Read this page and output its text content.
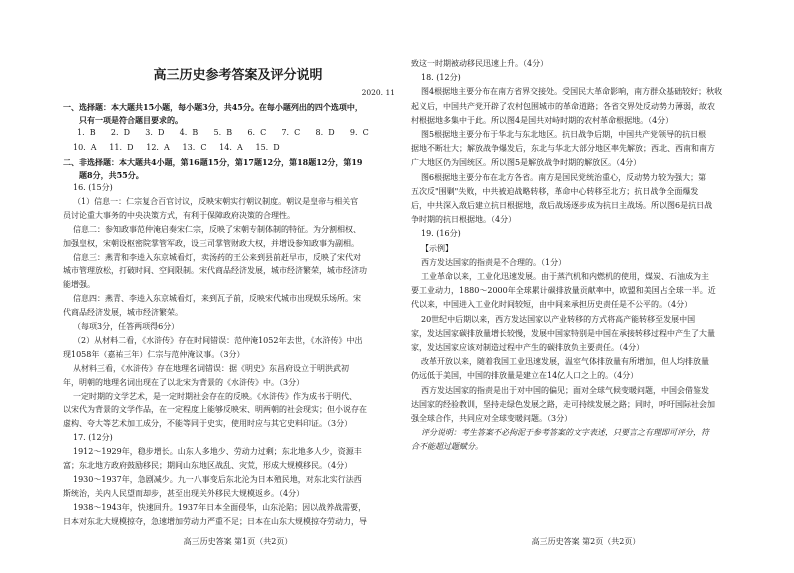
高三历史参考答案及评分说明
2020. 11
一、选择题：本大题共15小题，每小题3分，共45分。在每小题列出的四个选项中，
只有一项是符合题目要求的。
1.  B      2.  D      3.  D      4.  B      5.  B      6.  C      7.  C      8.  D      9.  C
10.  A     11.  D     12.  A     13.  C     14.  A     15.  D
二、非选择题：本大题共4小题，第16题15分，第17题12分，第18题12分，第19
题8分，共55分。
16. (15分)
（1）信息一：仁宗复合百官讨议，反映宋朝实行朝议制度。朝议是皇帝与相关官
员讨论重大事务的中央决策方式，有利于保障政府决策的合理性。
信息二：参知政事范仲淹启奏宋仁宗，反映了宋朝专制体制的特征。为分割相权、
加强皇权，宋朝设枢密院掌管军政，设三司掌管财政大权，并增设参知政事为副相。
信息三：燕青和李逵入东京城看灯，卖汤药的王公来到县前赶早市，反映了宋代对
城市管理放松，打破时间、空间限制。宋代商品经济发展，城市经济繁荣，城市经济功
能增强。
信息四：燕青、李逵入东京城看灯，来到瓦子前，反映宋代城市出现娱乐场所。宋
代商品经济发展，城市经济繁荣。
（每项3分，任答两项得6分）
（2）从材料二看，《水浒传》存在时间错误：范仲淹1052年去世，《水浒传》中出
现1058年（嘉祐三年）仁宗与范仲淹议事。（3分）
从材料三看，《水浒传》存在地理名词错误：据《明史》东昌府设立于明洪武初
年，明朝的地理名词出现在了以北宋为背景的《水浒传》中。（3分）
一定时期的文学艺术，是一定时期社会存在的反映。《水浒传》作为成书于明代、
以宋代为背景的文学作品，在一定程度上能够反映宋、明两朝的社会现实；但小说存在
虚构、夸大等艺术加工成分，不能等同于史实，使用时应与其它史料印证。（3分）
17. (12分)
1912～1929年，稳步增长。山东人多地少、劳动力过剩；东北地多人少，资源丰
富；东北地方政府鼓励移民；期间山东地区战乱、灾荒，形成大规模移民。（4分）
1930～1937年，急剧减少。九一八事变后东北沦为日本殖民地，对东北实行法西
斯统治，关内人民望而却步，甚至出现关外移民大规模返乡。（4分）
1938～1943年，快速回升。1937年日本全面侵华，山东沦陷；因以战养战需要，
日本对东北大规模掠夺，急速增加劳动力严重不足；日本在山东大规模掠夺劳动力，导
高三历史答案 第1页（共2页）
致这一时期被动移民迅速上升。（4分）
18. (12分)
图4根据地主要分布在南方省界交接处。受国民大革命影响，南方群众基础较好；秋收
起义后，中国共产党开辟了农村包围城市的革命道路；各省交界处反动势力薄弱，故农
村根据地多集中于此。所以图4是国共对峙时期的农村革命根据地。（4分）
图5根据地主要分布于华北与东北地区。抗日战争后期，中国共产党领导的抗日根
据地不断壮大；解放战争爆发后，东北与华北大部分地区率先解放；西北、西南和南方
广大地区仍为国统区。所以图5是解放战争时期的解放区。（4分）
图6根据地主要分布在北方各省。南方是国民党统治重心，反动势力较为强大；第
五次反"围剿"失败，中共被迫战略转移，革命中心转移至北方；抗日战争全面爆发
后，中共深入敌后建立抗日根据地，敌后战场逐步成为抗日主战场。所以图6是抗日战
争时期的抗日根据地。（4分）
19. (16分)
【示例】
西方发达国家的指责是不合理的。（1分）
工业革命以来，工业化迅速发展。由于蒸汽机和内燃机的使用，煤炭、石油成为主
要工业动力，1880～2000年全球累计碳排放量贡献率中，欧盟和美国占全球一半。近
代以来，中国进入工业化时间较短，由中间来承担历史责任是不公平的。（4分）
20世纪中后期以来，西方发达国家以产业转移的方式将高产能转移至发展中国
家，发达国家碳排放量增长较慢，发展中国家特别是中国在承接转移过程中产生了大量
家，发达国家应该对制造过程中产生的碳排放负主要责任。（4分）
改革开放以来，随着我国工业迅速发展，温室气体排放量有所增加，但人均排放量
仍远低于美国，中国的排放量是建立在14亿人口之上的。（4分）
西方发达国家的指责是出于对中国的偏见；面对全球气候变暖问题，中国会借鉴发
达国家的经验教训，坚持走绿色发展之路，走可持续发展之路；同时，呼吁国际社会加
强全球合作，共同应对全球变暖问题。（3分）
评分说明：考生答案不必拘泥于参考答案的文字表述，只要言之有理即可评分，符
合不能超过题赋分。
高三历史答案 第2页（共2页）
